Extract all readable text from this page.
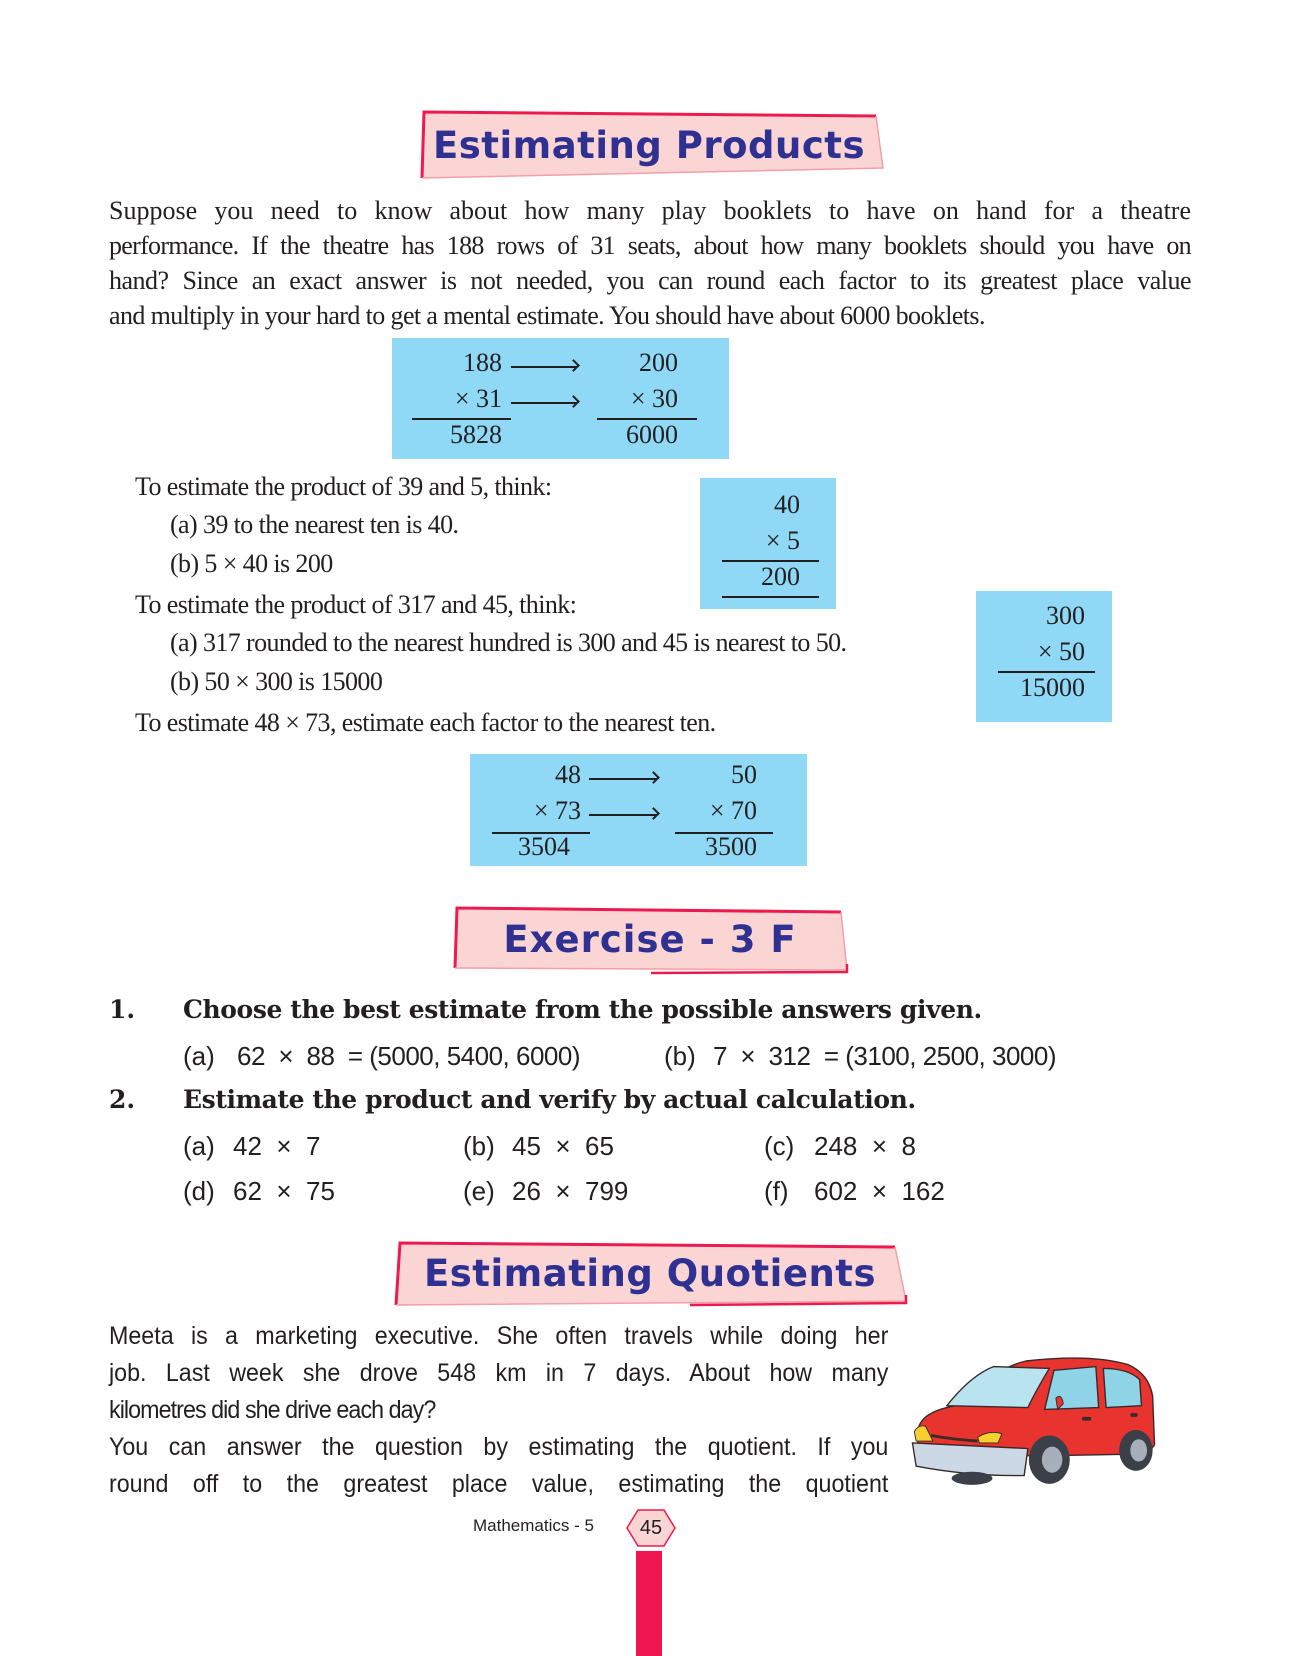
Estimating Products
Suppose you need to know about how many play booklets to have on hand for a theatre
performance. If the theatre has 188 rows of 31 seats, about how many booklets should you have on
hand? Since an exact answer is not needed, you can round each factor to its greatest place value
and multiply in your hard to get a mental estimate. You should have about 6000 booklets.
188	200
× 31	× 30
5828	6000
To estimate the product of 39 and 5, think:
(a) 39 to the nearest ten is 40.
(b) 5 × 40 is 200
40
× 5
200
To estimate the product of 317 and 45, think:
(a) 317 rounded to the nearest hundred is 300 and 45 is nearest to 50.
(b) 50 × 300 is 15000
300
× 50
15000
To estimate 48 × 73, estimate each factor to the nearest ten.
48	50
× 73	× 70
3504	3500
Exercise - 3 F
1. Choose the best estimate from the possible answers given.
(a) 62  ×  88  = (5000, 5400, 6000)	(b) 7  ×  312  = (3100, 2500, 3000)
2. Estimate the product and verify by actual calculation.
(a) 42  ×  7	(b) 45  ×  65	(c) 248  ×  8
(d) 62  ×  75	(e) 26  ×  799	(f) 602  ×  162
Estimating Quotients
Meeta is a marketing executive. She often travels while doing her
job. Last week she drove 548 km in 7 days. About how many
kilometres did she drive each day?
You can answer the question by estimating the quotient. If you
round off to the greatest place value, estimating the quotient
Mathematics - 5	45
